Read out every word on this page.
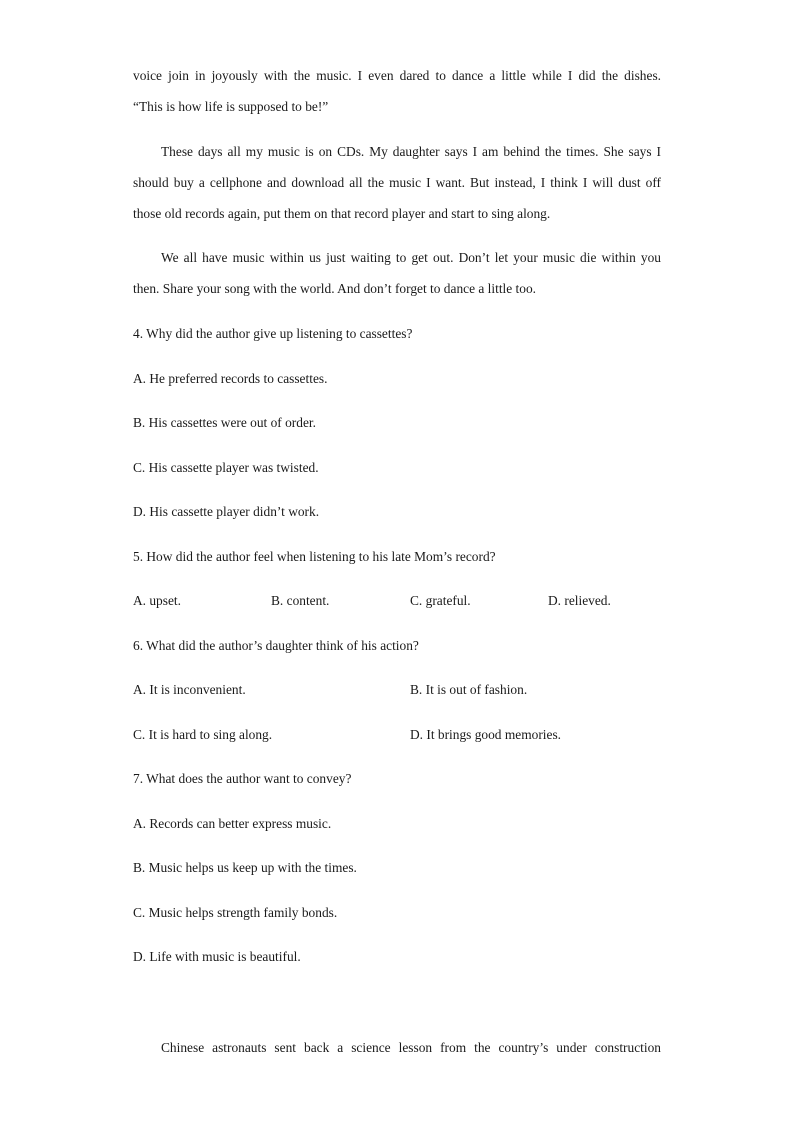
voice join in joyously with the music. I even dared to dance a little while I did the dishes.
“This is how life is supposed to be!”
These days all my music is on CDs. My daughter says I am behind the times. She says I
should buy a cellphone and download all the music I want. But instead, I think I will dust off
those old records again, put them on that record player and start to sing along.
We all have music within us just waiting to get out. Don’t let your music die within you
then. Share your song with the world. And don’t forget to dance a little too.
4. Why did the author give up listening to cassettes?
A. He preferred records to cassettes.
B. His cassettes were out of order.
C. His cassette player was twisted.
D. His cassette player didn’t work.
5. How did the author feel when listening to his late Mom’s record?
A. upset.	B. content.	C. grateful.	D. relieved.
6. What did the author’s daughter think of his action?
A. It is inconvenient.	B. It is out of fashion.
C. It is hard to sing along.	D. It brings good memories.
7. What does the author want to convey?
A. Records can better express music.
B. Music helps us keep up with the times.
C. Music helps strength family bonds.
D. Life with music is beautiful.
Chinese astronauts sent back a science lesson from the country’s under construction
